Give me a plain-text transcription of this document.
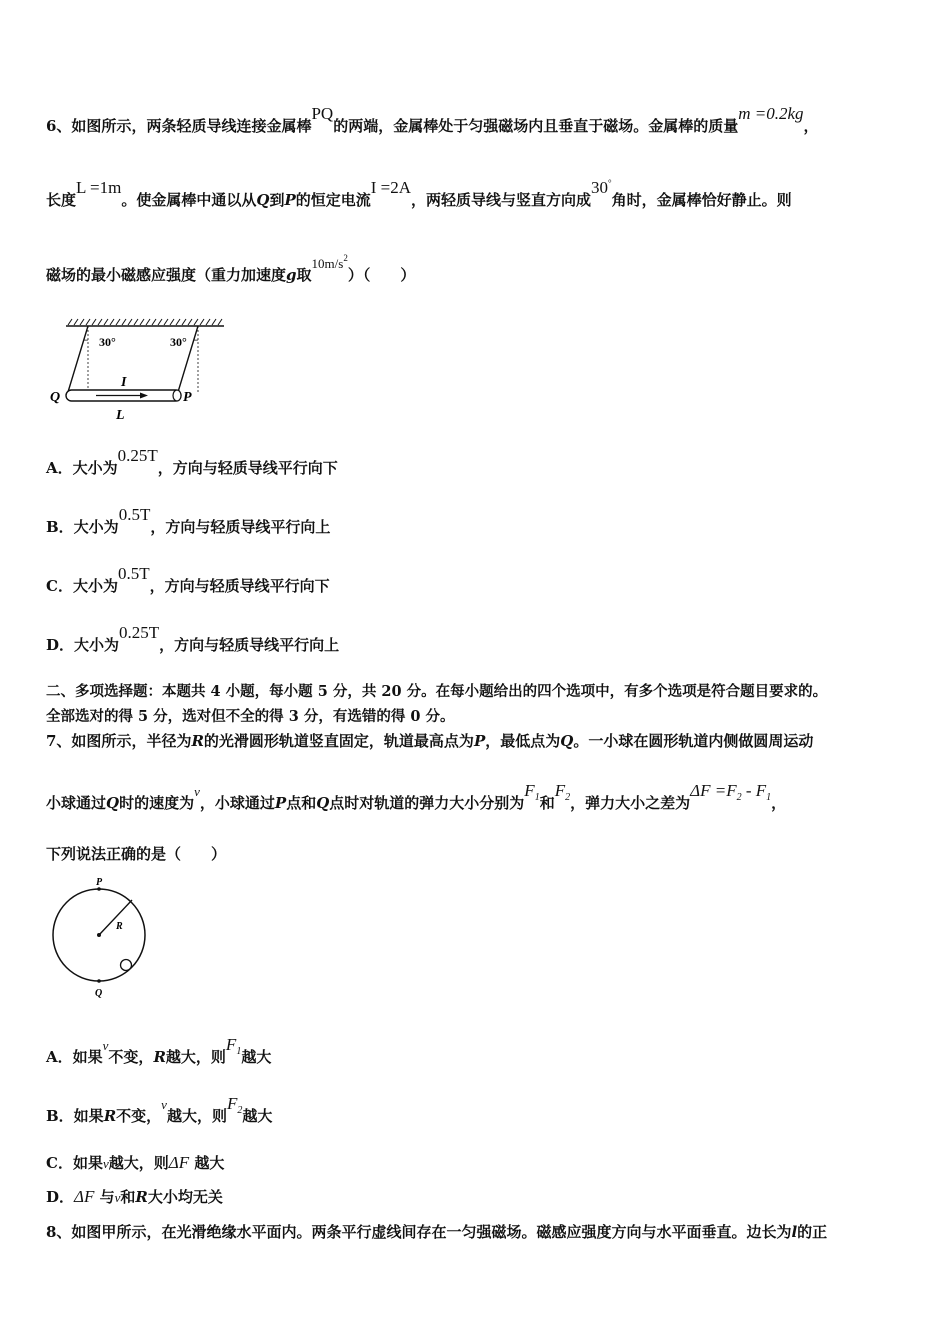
6、如图所示，两条轻质导线连接金属棒PQ的两端，金属棒处于匀强磁场内且垂直于磁场。金属棒的质量m =0.2kg，
长度L =1m。使金属棒中通以从Q到P的恒定电流I =2A，两轻质导线与竖直方向成30°角时，金属棒恰好静止。则
磁场的最小磁感应强度（重力加速度g取$10m/s^2$）（　　）
30°	30°
I
Q	P
L
A．大小为0.25T，方向与轻质导线平行向下
B．大小为0.5T，方向与轻质导线平行向上
C．大小为0.5T，方向与轻质导线平行向下
D．大小为0.25T，方向与轻质导线平行向上
二、多项选择题：本题共 4 小题，每小题 5 分，共 20 分。在每小题给出的四个选项中，有多个选项是符合题目要求的。
全部选对的得 5 分，选对但不全的得 3 分，有选错的得 0 分。
7、如图所示，半径为R的光滑圆形轨道竖直固定，轨道最高点为P，最低点为Q。一小球在圆形轨道内侧做圆周运动
小球通过Q时的速度为v，小球通过P点和Q点时对轨道的弹力大小分别为$F_1$和$F_2$，弹力大小之差为$\Delta F =F_2 - F_1$，
下列说法正确的是（　　）
P
R
Q
A．如果v不变，R越大，则$F_1$越大
B．如果R不变，v越大，则$F_2$越大
C．如果v越大，则ΔF 越大
D．ΔF 与v和R大小均无关
8、如图甲所示，在光滑绝缘水平面内。两条平行虚线间存在一匀强磁场。磁感应强度方向与水平面垂直。边长为l的正
